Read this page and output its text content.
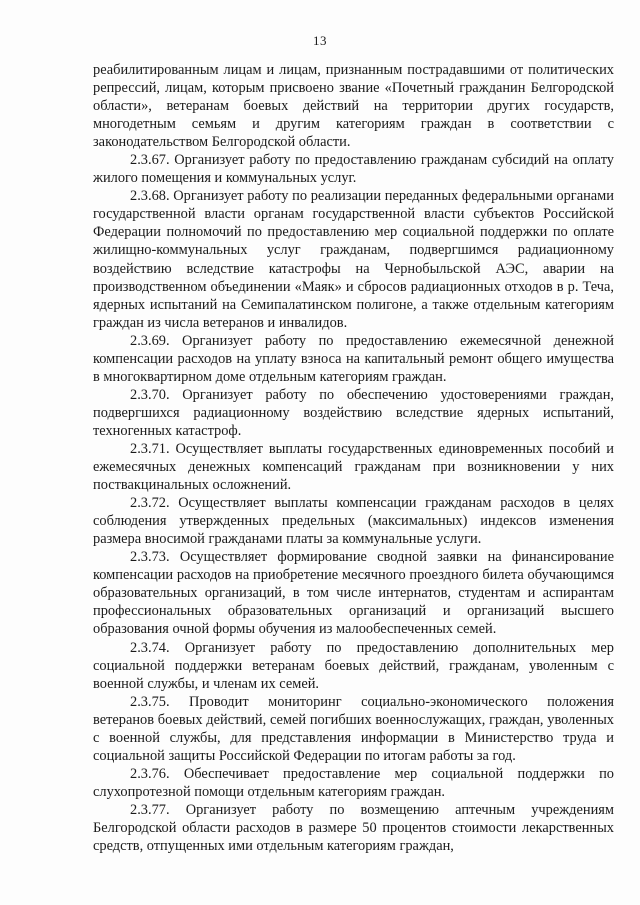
13

реабилитированным лицам и лицам, признанным пострадавшими от политических репрессий, лицам, которым присвоено звание «Почетный гражданин Белгородской области», ветеранам боевых действий на территории других государств, многодетным семьям и другим категориям граждан в соответствии с законодательством Белгородской области.

2.3.67. Организует работу по предоставлению гражданам субсидий на оплату жилого помещения и коммунальных услуг.

2.3.68. Организует работу по реализации переданных федеральными органами государственной власти органам государственной власти субъектов Российской Федерации полномочий по предоставлению мер социальной поддержки по оплате жилищно-коммунальных услуг гражданам, подвергшимся радиационному воздействию вследствие катастрофы на Чернобыльской АЭС, аварии на производственном объединении «Маяк» и сбросов радиационных отходов в р. Теча, ядерных испытаний на Семипалатинском полигоне, а также отдельным категориям граждан из числа ветеранов и инвалидов.

2.3.69. Организует работу по предоставлению ежемесячной денежной компенсации расходов на уплату взноса на капитальный ремонт общего имущества в многоквартирном доме отдельным категориям граждан.

2.3.70. Организует работу по обеспечению удостоверениями граждан, подвергшихся радиационному воздействию вследствие ядерных испытаний, техногенных катастроф.

2.3.71. Осуществляет выплаты государственных единовременных пособий и ежемесячных денежных компенсаций гражданам при возникновении у них поствакцинальных осложнений.

2.3.72. Осуществляет выплаты компенсации гражданам расходов в целях соблюдения утвержденных предельных (максимальных) индексов изменения размера вносимой гражданами платы за коммунальные услуги.

2.3.73. Осуществляет формирование сводной заявки на финансирование компенсации расходов на приобретение месячного проездного билета обучающимся образовательных организаций, в том числе интернатов, студентам и аспирантам профессиональных образовательных организаций и организаций высшего образования очной формы обучения из малообеспеченных семей.

2.3.74. Организует работу по предоставлению дополнительных мер социальной поддержки ветеранам боевых действий, гражданам, уволенным с военной службы, и членам их семей.

2.3.75. Проводит мониторинг социально-экономического положения ветеранов боевых действий, семей погибших военнослужащих, граждан, уволенных с военной службы, для представления информации в Министерство труда и социальной защиты Российской Федерации по итогам работы за год.

2.3.76. Обеспечивает предоставление мер социальной поддержки по слухопротезной помощи отдельным категориям граждан.

2.3.77. Организует работу по возмещению аптечным учреждениям Белгородской области расходов в размере 50 процентов стоимости лекарственных средств, отпущенных ими отдельным категориям граждан,
